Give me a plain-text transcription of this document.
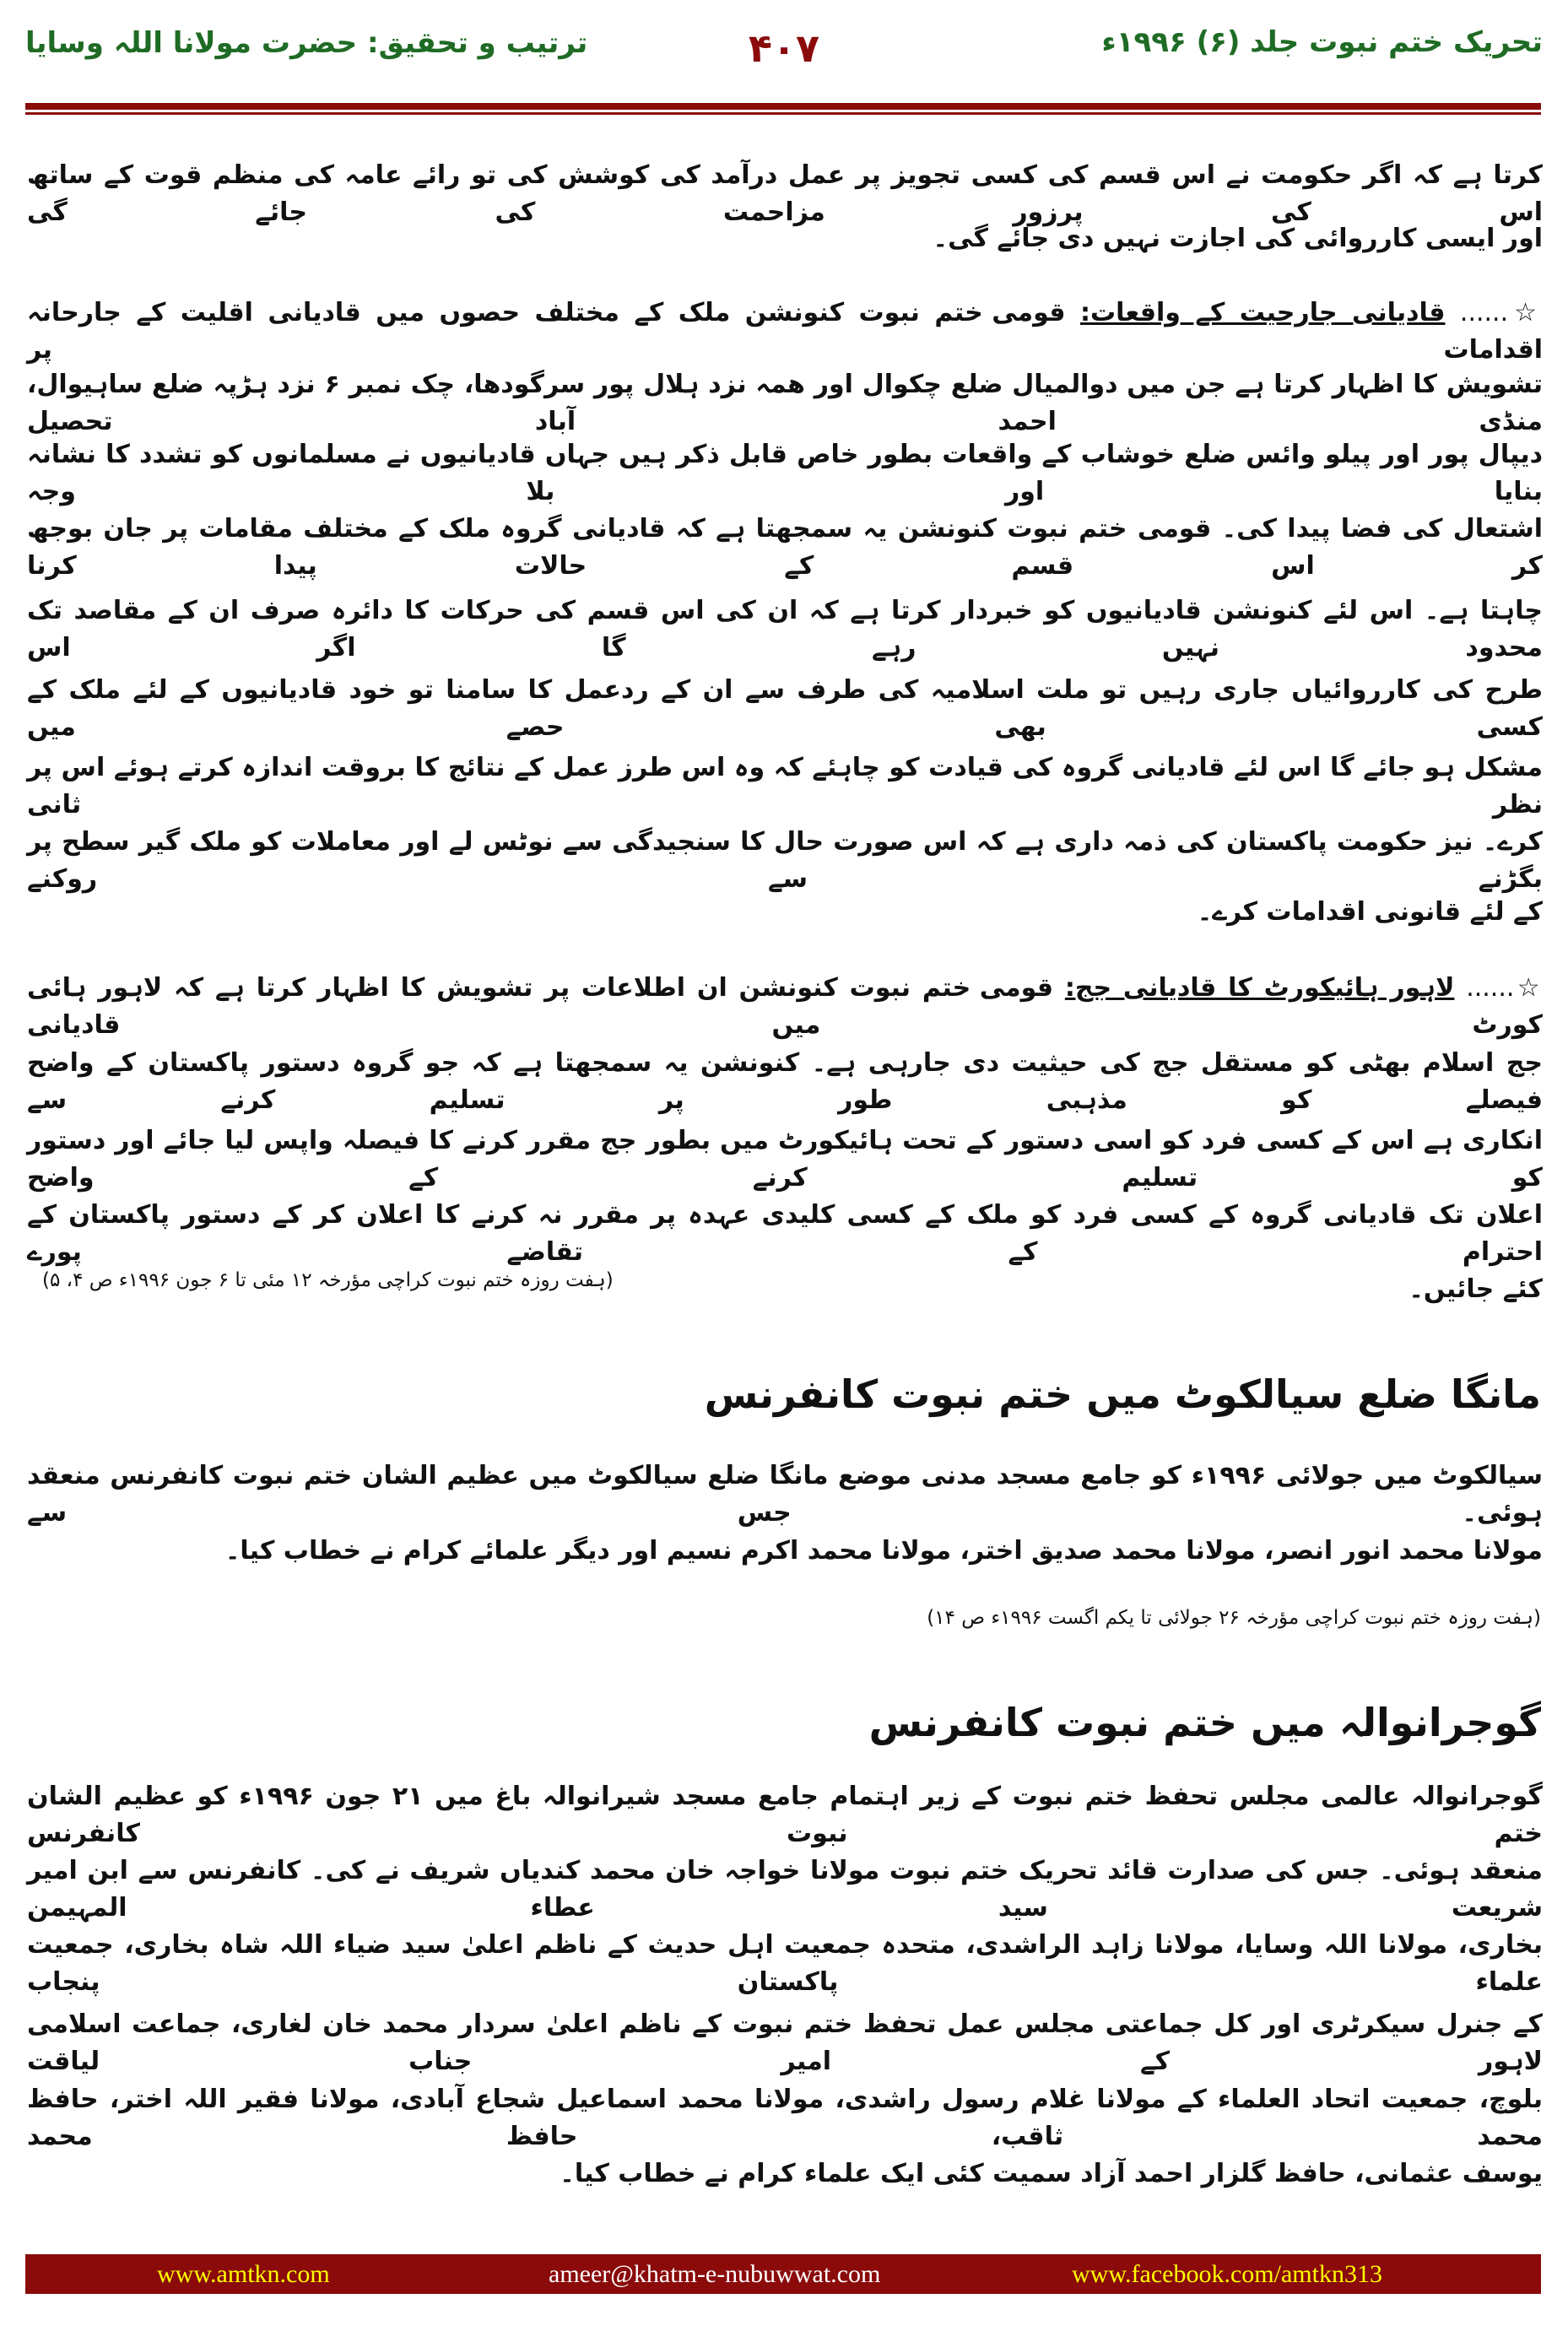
تحریک ختم نبوت جلد (۶) ۱۹۹۶ء
۴۰۷
ترتیب و تحقیق: حضرت مولانا اللہ وسایا
کرتا ہے کہ اگر حکومت نے اس قسم کی کسی تجویز پر عمل درآمد کی کوشش کی تو رائے عامہ کی منظم قوت کے ساتھ اس کی پرزور مزاحمت کی جائے گی
اور ایسی کارروائی کی اجازت نہیں دی جائے گی۔
☆...... قادیانی جارحیت کے واقعات: قومی ختم نبوت کنونشن ملک کے مختلف حصوں میں قادیانی اقلیت کے جارحانہ اقدامات پر
تشویش کا اظہار کرتا ہے جن میں دوالمیال ضلع چکوال اور ھمہ نزد ہلال پور سرگودھا، چک نمبر ۶ نزد ہڑپہ ضلع ساہیوال، منڈی احمد آباد تحصیل
دیپال پور اور پیلو وائس ضلع خوشاب کے واقعات بطور خاص قابل ذکر ہیں جہاں قادیانیوں نے مسلمانوں کو تشدد کا نشانہ بنایا اور بلا وجہ
اشتعال کی فضا پیدا کی۔ قومی ختم نبوت کنونشن یہ سمجھتا ہے کہ قادیانی گروہ ملک کے مختلف مقامات پر جان بوجھ کر اس قسم کے حالات پیدا کرنا
چاہتا ہے۔ اس لئے کنونشن قادیانیوں کو خبردار کرتا ہے کہ ان کی اس قسم کی حرکات کا دائرہ صرف ان کے مقاصد تک محدود نہیں رہے گا اگر اس
طرح کی کارروائیاں جاری رہیں تو ملت اسلامیہ کی طرف سے ان کے ردعمل کا سامنا تو خود قادیانیوں کے لئے ملک کے کسی بھی حصے میں
مشکل ہو جائے گا اس لئے قادیانی گروہ کی قیادت کو چاہئے کہ وہ اس طرز عمل کے نتائج کا بروقت اندازہ کرتے ہوئے اس پر نظر ثانی
کرے۔ نیز حکومت پاکستان کی ذمہ داری ہے کہ اس صورت حال کا سنجیدگی سے نوٹس لے اور معاملات کو ملک گیر سطح پر بگڑنے سے روکنے
کے لئے قانونی اقدامات کرے۔
☆...... لاہور ہائیکورٹ کا قادیانی جج: قومی ختم نبوت کنونشن ان اطلاعات پر تشویش کا اظہار کرتا ہے کہ لاہور ہائی کورٹ میں قادیانی
جج اسلام بھٹی کو مستقل جج کی حیثیت دی جارہی ہے۔ کنونشن یہ سمجھتا ہے کہ جو گروہ دستور پاکستان کے واضح فیصلے کو مذہبی طور پر تسلیم کرنے سے
انکاری ہے اس کے کسی فرد کو اسی دستور کے تحت ہائیکورٹ میں بطور جج مقرر کرنے کا فیصلہ واپس لیا جائے اور دستور کو تسلیم کرنے کے واضح
اعلان تک قادیانی گروہ کے کسی فرد کو ملک کے کسی کلیدی عہدہ پر مقرر نہ کرنے کا اعلان کر کے دستور پاکستان کے احترام کے تقاضے پورے
کئے جائیں۔
(ہفت روزہ ختم نبوت کراچی مؤرخہ ۱۲ مئی تا ۶ جون ۱۹۹۶ء ص ۴، ۵)
مانگا ضلع سیالکوٹ میں ختم نبوت کانفرنس
سیالکوٹ میں جولائی ۱۹۹۶ء کو جامع مسجد مدنی موضع مانگا ضلع سیالکوٹ میں عظیم الشان ختم نبوت کانفرنس منعقد ہوئی۔ جس سے
مولانا محمد انور انصر، مولانا محمد صدیق اختر، مولانا محمد اکرم نسیم اور دیگر علمائے کرام نے خطاب کیا۔
(ہفت روزہ ختم نبوت کراچی مؤرخہ ۲۶ جولائی تا یکم اگست ۱۹۹۶ء ص ۱۴)
گوجرانوالہ میں ختم نبوت کانفرنس
گوجرانوالہ عالمی مجلس تحفظ ختم نبوت کے زیر اہتمام جامع مسجد شیرانوالہ باغ میں ۲۱ جون ۱۹۹۶ء کو عظیم الشان ختم نبوت کانفرنس
منعقد ہوئی۔ جس کی صدارت قائد تحریک ختم نبوت مولانا خواجہ خان محمد کندیاں شریف نے کی۔ کانفرنس سے ابن امیر شریعت سید عطاء المہیمن
بخاری، مولانا اللہ وسایا، مولانا زاہد الراشدی، متحدہ جمعیت اہل حدیث کے ناظم اعلیٰ سید ضیاء اللہ شاہ بخاری، جمعیت علماء پاکستان پنجاب
کے جنرل سیکرٹری اور کل جماعتی مجلس عمل تحفظ ختم نبوت کے ناظم اعلیٰ سردار محمد خان لغاری، جماعت اسلامی لاہور کے امیر جناب لیاقت
بلوچ، جمعیت اتحاد العلماء کے مولانا غلام رسول راشدی، مولانا محمد اسماعیل شجاع آبادی، مولانا فقیر اللہ اختر، حافظ محمد ثاقب، حافظ محمد
یوسف عثمانی، حافظ گلزار احمد آزاد سمیت کئی ایک علماء کرام نے خطاب کیا۔
www.amtkn.com	ameer@khatm-e-nubuwwat.com	www.facebook.com/amtkn313
